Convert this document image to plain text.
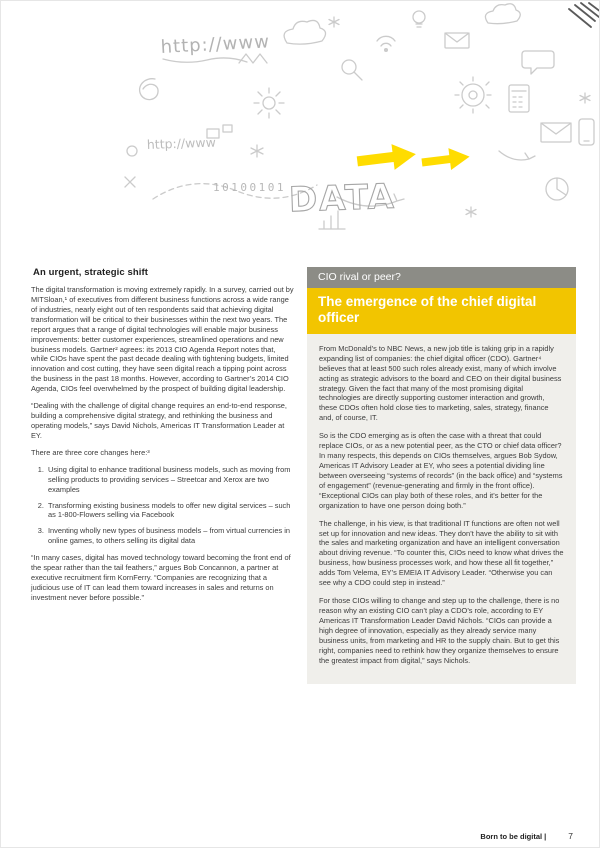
http://www
http://www
10100101 DATA
An urgent, strategic shift

The digital transformation is moving extremely rapidly. In a survey, carried out by MITSloan,¹ of executives from different business functions across a wide range of industries, nearly eight out of ten respondents said that achieving digital transformation will be critical to their businesses within the next two years. The report argues that a range of digital technologies will enable major business improvements: better customer experiences, streamlined operations and new business models. Gartner² agrees: its 2013 CIO Agenda Report notes that, while CIOs have spent the past decade dealing with tightening budgets, limited innovation and cost cutting, they have seen digital reach a tipping point across the business in the past 18 months. However, according to Gartner’s 2014 CIO Agenda, CIOs feel overwhelmed by the prospect of building digital leadership.

“Dealing with the challenge of digital change requires an end-to-end response, building a comprehensive digital strategy, and rethinking the business and operating models,” says David Nichols, Americas IT Transformation Leader at EY.

There are three core changes here:³

1. Using digital to enhance traditional business models, such as moving from selling products to providing services – Streetcar and Xerox are two examples
2. Transforming existing business models to offer new digital services – such as 1-800-Flowers selling via Facebook
3. Inventing wholly new types of business models – from virtual currencies in online games, to others selling its digital data

“In many cases, digital has moved technology toward becoming the front end of the spear rather than the tail feathers,” argues Bob Concannon, a partner at executive recruitment firm KornFerry. “Companies are recognizing that a judicious use of IT can lead them toward increases in sales and returns on investment never before possible.”

CIO rival or peer?
The emergence of the chief digital officer

From McDonald’s to NBC News, a new job title is taking grip in a rapidly expanding list of companies: the chief digital officer (CDO). Gartner⁴ believes that at least 500 such roles already exist, many of which involve acting as strategic advisors to the board and CEO on their digital business strategy. Given the fact that many of the most promising digital technologies are directly supporting customer interaction and growth, these CDOs often hold close ties to marketing, sales, strategy, finance and, of course, IT.

So is the CDO emerging as is often the case with a threat that could replace CIOs, or as a new potential peer, as the CTO or chief data officer? In many respects, this depends on CIOs themselves, argues Bob Sydow, Americas IT Advisory Leader at EY, who sees a potential dividing line between overseeing “systems of records” (in the back office) and “systems of engagement” (revenue-generating and firmly in the front office). “Exceptional CIOs can play both of these roles, and it’s better for the organization to have one person doing both.”

The challenge, in his view, is that traditional IT functions are often not well set up for innovation and new ideas. They don’t have the ability to sit with the sales and marketing organization and have an intelligent conversation about driving revenue. “To counter this, CIOs need to know what drives the business, how business processes work, and how these all fit together,” adds Tom Velema, EY’s EMEIA IT Advisory Leader. “Otherwise you can see why a CDO could step in instead.”

For those CIOs willing to change and step up to the challenge, there is no reason why an existing CIO can’t play a CDO’s role, according to EY Americas IT Transformation Leader David Nichols. “CIOs can provide a high degree of innovation, especially as they already service many business units, from marketing and HR to the supply chain. But to get this right, companies need to rethink how they organize themselves to ensure the greatest impact from digital,” says Nichols.

Born to be digital |	7
